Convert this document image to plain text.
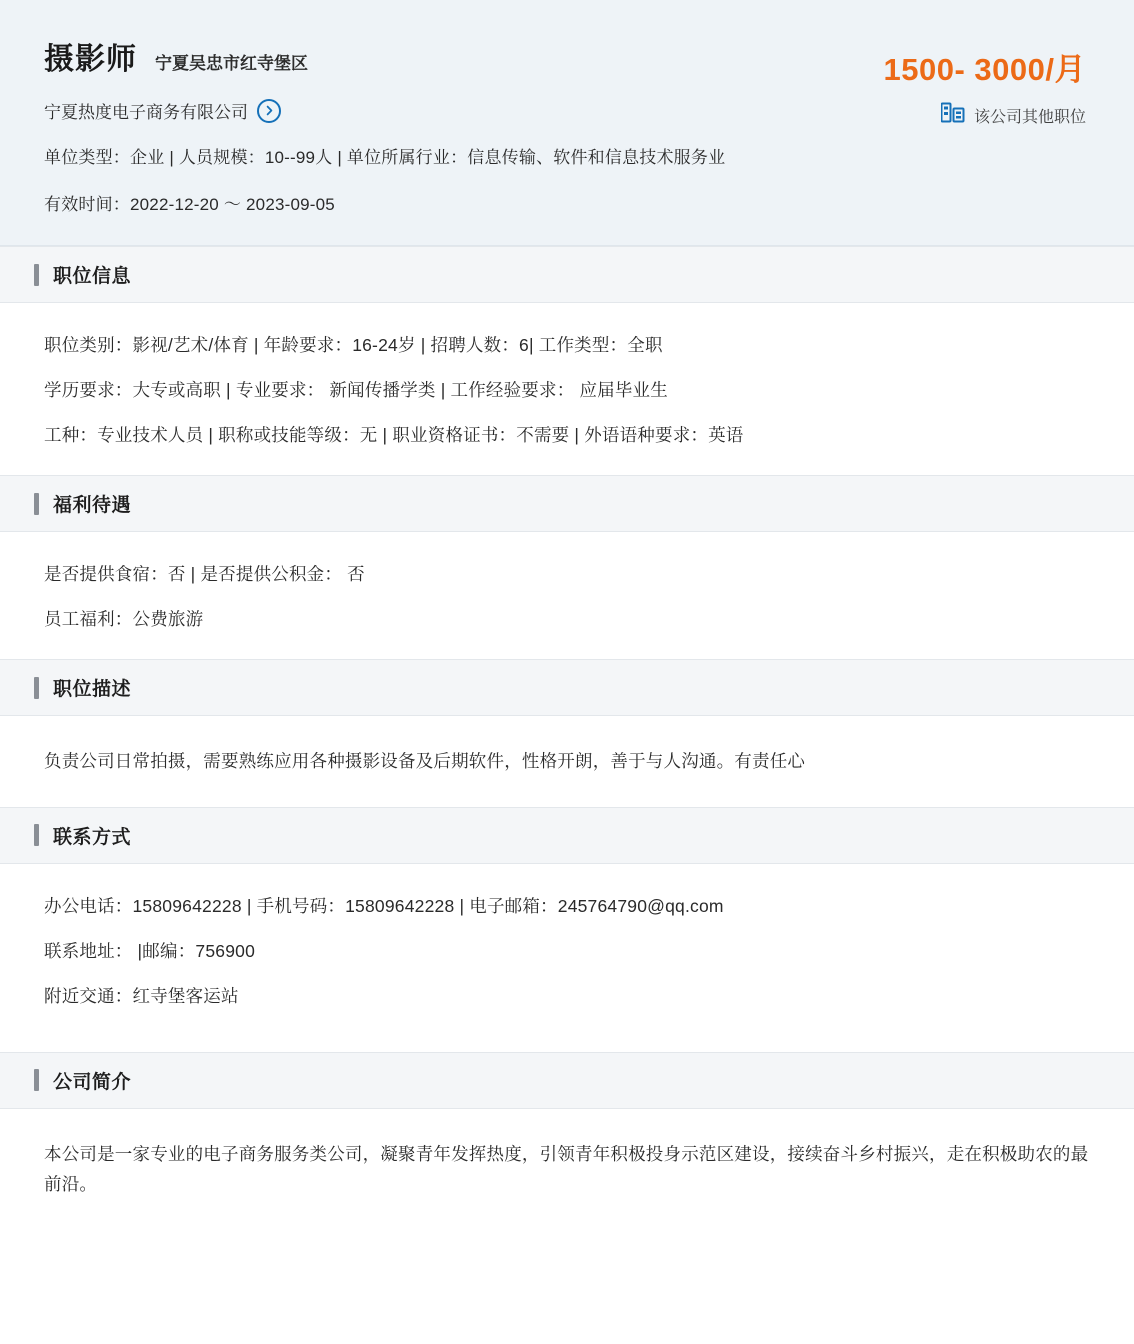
摄影师 宁夏吴忠市红寺堡区	1500- 3000/月
该公司其他职位
宁夏热度电子商务有限公司
单位类型：企业 | 人员规模：10--99人 | 单位所属行业：信息传输、软件和信息技术服务业
有效时间：2022-12-20 ～ 2023-09-05
职位信息
职位类别：影视/艺术/体育 | 年龄要求：16-24岁 | 招聘人数：6| 工作类型：全职
学历要求：大专或高职 | 专业要求： 新闻传播学类 | 工作经验要求： 应届毕业生
工种：专业技术人员 | 职称或技能等级：无 | 职业资格证书：不需要 | 外语语种要求：英语
福利待遇
是否提供食宿：否 | 是否提供公积金： 否
员工福利：公费旅游
职位描述
负责公司日常拍摄，需要熟练应用各种摄影设备及后期软件，性格开朗，善于与人沟通。有责任心
联系方式
办公电话：15809642228 | 手机号码：15809642228 | 电子邮箱：245764790@qq.com
联系地址： |邮编：756900
附近交通：红寺堡客运站
公司简介
本公司是一家专业的电子商务服务类公司，凝聚青年发挥热度，引领青年积极投身示范区建设，接续奋斗乡村振兴，走在积极助农的最前沿。
